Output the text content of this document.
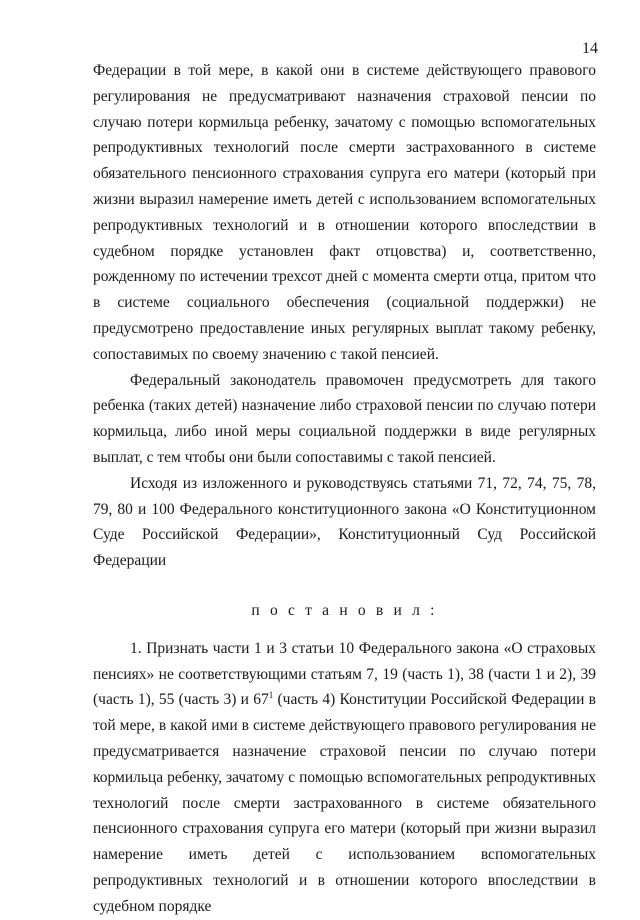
14

Федерации в той мере, в какой они в системе действующего правового регулирования не предусматривают назначения страховой пенсии по случаю потери кормильца ребенку, зачатому с помощью вспомогательных репродуктивных технологий после смерти застрахованного в системе обязательного пенсионного страхования супруга его матери (который при жизни выразил намерение иметь детей с использованием вспомогательных репродуктивных технологий и в отношении которого впоследствии в судебном порядке установлен факт отцовства) и, соответственно, рожденному по истечении трехсот дней с момента смерти отца, притом что в системе социального обеспечения (социальной поддержки) не предусмотрено предоставление иных регулярных выплат такому ребенку, сопоставимых по своему значению с такой пенсией.

Федеральный законодатель правомочен предусмотреть для такого ребенка (таких детей) назначение либо страховой пенсии по случаю потери кормильца, либо иной меры социальной поддержки в виде регулярных выплат, с тем чтобы они были сопоставимы с такой пенсией.

Исходя из изложенного и руководствуясь статьями 71, 72, 74, 75, 78, 79, 80 и 100 Федерального конституционного закона «О Конституционном Суде Российской Федерации», Конституционный Суд Российской Федерации

п о с т а н о в и л :

1. Признать части 1 и 3 статьи 10 Федерального закона «О страховых пенсиях» не соответствующими статьям 7, 19 (часть 1), 38 (части 1 и 2), 39 (часть 1), 55 (часть 3) и $67^1$ (часть 4) Конституции Российской Федерации в той мере, в какой ими в системе действующего правового регулирования не предусматривается назначение страховой пенсии по случаю потери кормильца ребенку, зачатому с помощью вспомогательных репродуктивных технологий после смерти застрахованного в системе обязательного пенсионного страхования супруга его матери (который при жизни выразил намерение иметь детей с использованием вспомогательных репродуктивных технологий и в отношении которого впоследствии в судебном порядке
